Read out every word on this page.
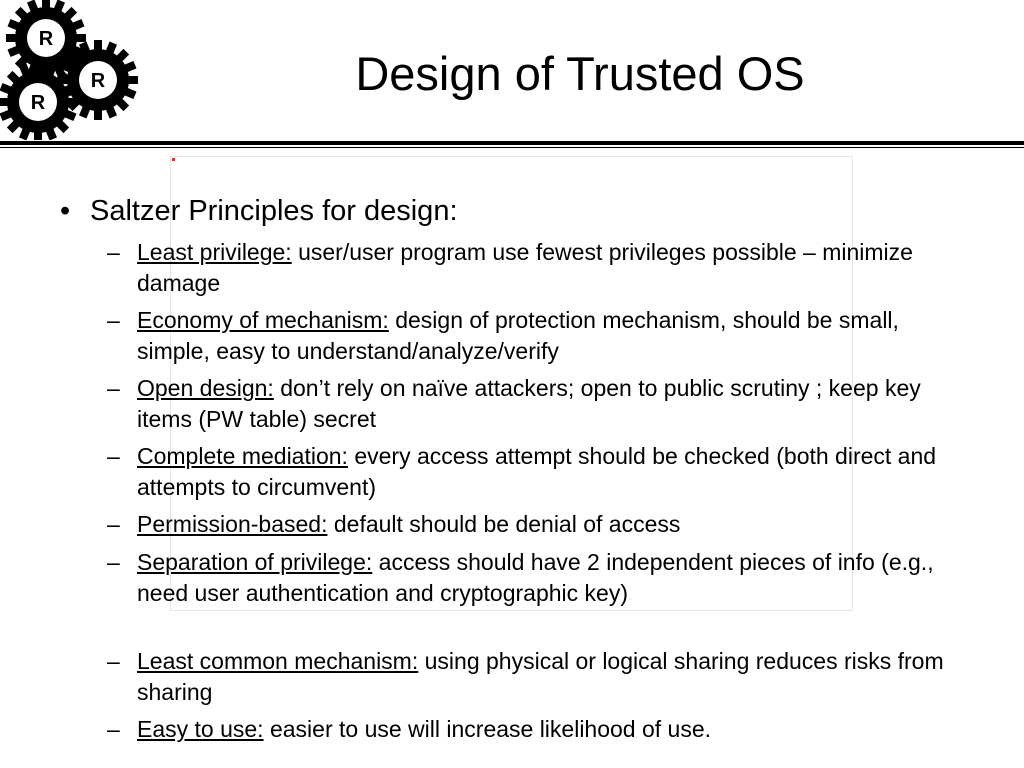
R
R
R
Design of Trusted OS
• Saltzer Principles for design:
– Least privilege: user/user program use fewest privileges possible – minimize damage
– Economy of mechanism: design of protection mechanism, should be small, simple, easy to understand/analyze/verify
– Open design: don’t rely on naïve attackers; open to public scrutiny ; keep key items (PW table) secret
– Complete mediation: every access attempt should be checked (both direct and attempts to circumvent)
– Permission-based: default should be denial of access
– Separation of privilege: access should have 2 independent pieces of info (e.g., need user authentication and cryptographic key)
– Least common mechanism: using physical or logical sharing reduces risks from sharing
– Easy to use: easier to use will increase likelihood of use.
